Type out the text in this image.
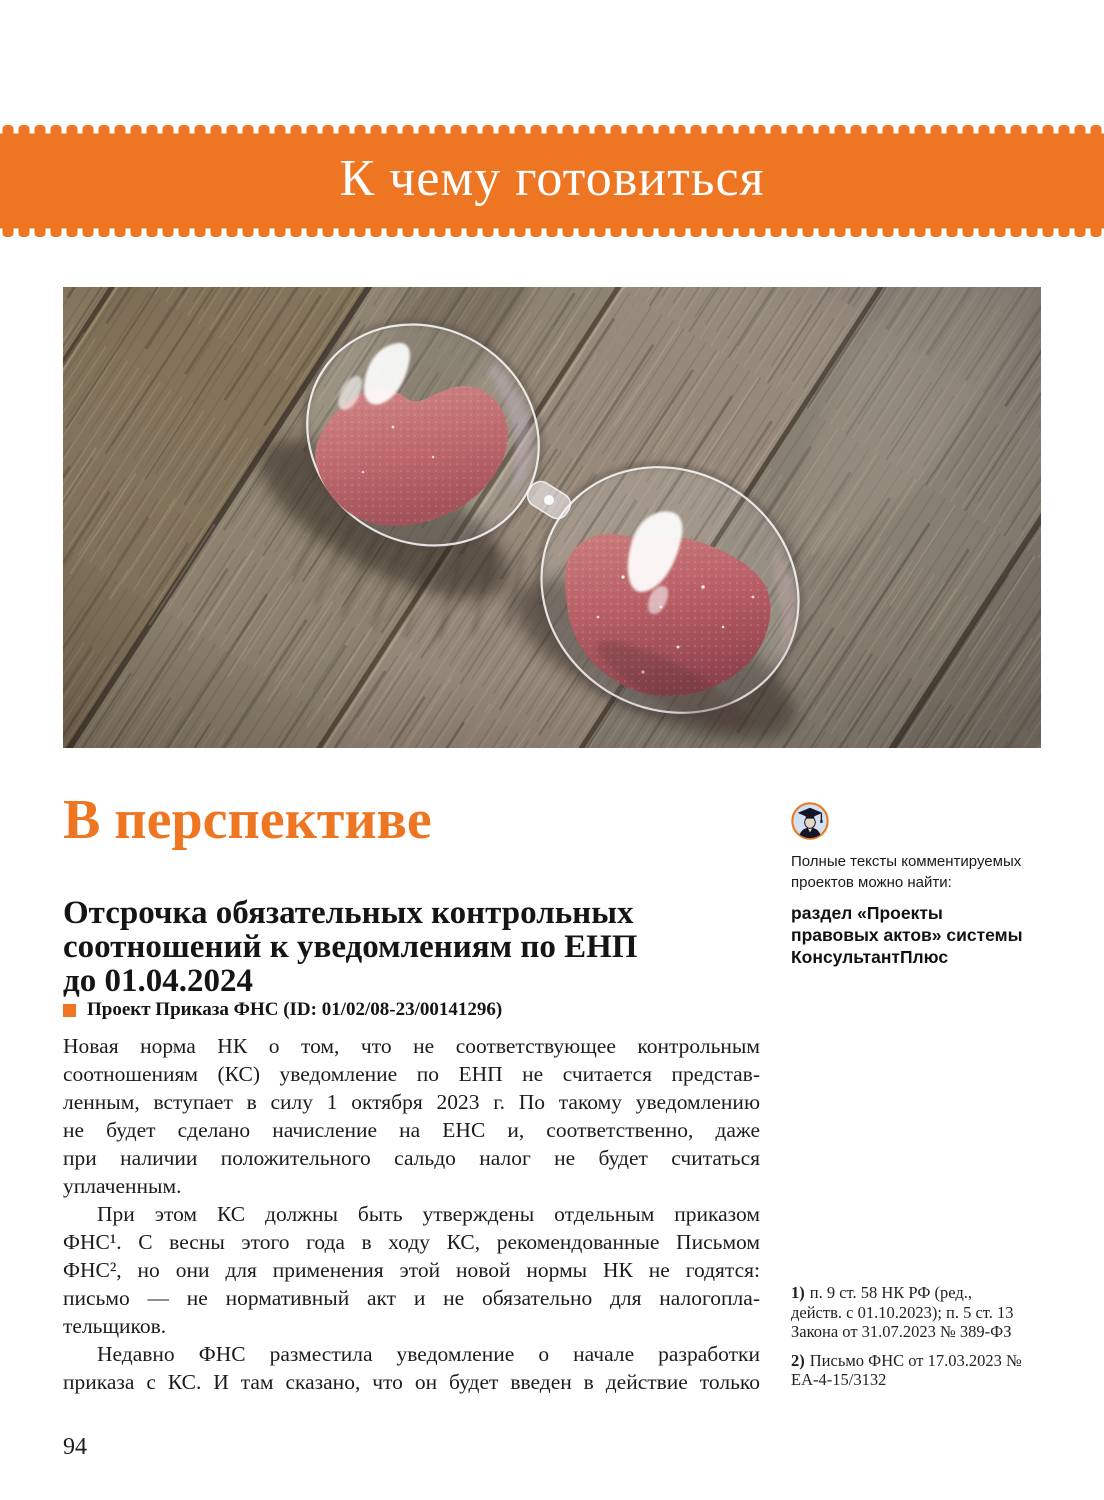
К чему готовиться
В перспективе
Отсрочка обязательных контрольных
соотношений к уведомлениям по ЕНП
до 01.04.2024
Проект Приказа ФНС (ID: 01/02/08-23/00141296)
Новая норма НК о том, что не соответствующее контрольным
соотношениям (КС) уведомление по ЕНП не считается представ-
ленным, вступает в силу 1 октября 2023 г. По такому уведомлению
не будет сделано начисление на ЕНС и, соответственно, даже
при наличии положительного сальдо налог не будет считаться
уплаченным.
При этом КС должны быть утверждены отдельным приказом
ФНС¹. С весны этого года в ходу КС, рекомендованные Письмом
ФНС², но они для применения этой новой нормы НК не годятся:
письмо — не нормативный акт и не обязательно для налогопла-
тельщиков.
Недавно ФНС разместила уведомление о начале разработки
приказа с КС. И там сказано, что он будет введен в действие только
Полные тексты комментируемых проектов можно найти:
раздел «Проекты правовых актов» системы КонсультантПлюс

1) п. 9 ст. 58 НК РФ (ред., действ. с 01.10.2023); п. 5 ст. 13 Закона от 31.07.2023 № 389-ФЗ

2) Письмо ФНС от 17.03.2023 № ЕА-4-15/3132

94
